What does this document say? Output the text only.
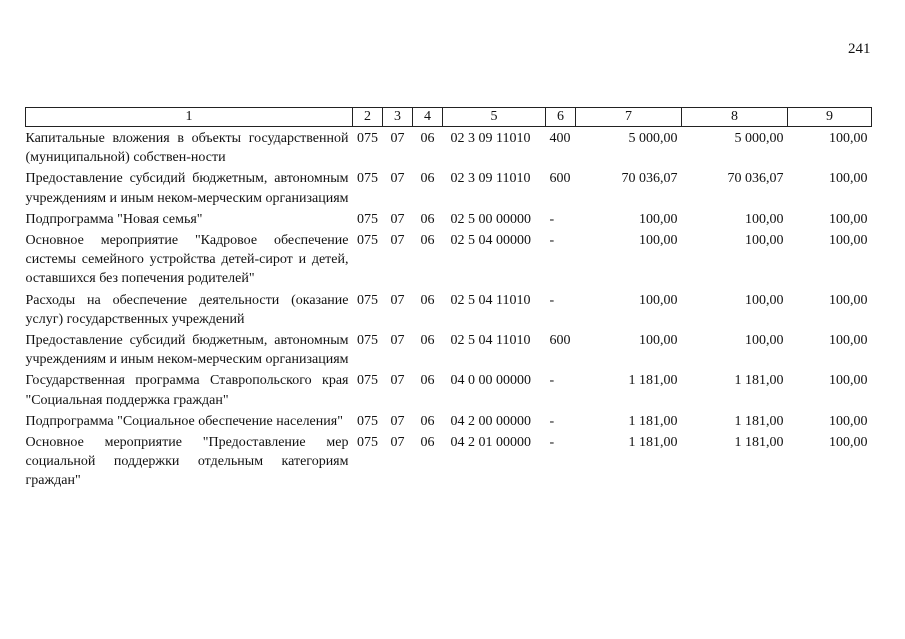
241
1	2	3	4	5	6	7	8	9
Капитальные вложения в объекты государственной (муниципальной) собствен-ности	075	07	06	02 3 09 11010	400	5 000,00	5 000,00	100,00
Предоставление субсидий бюджетным, автономным учреждениям и иным неком-мерческим организациям	075	07	06	02 3 09 11010	600	70 036,07	70 036,07	100,00
Подпрограмма "Новая семья"	075	07	06	02 5 00 00000	-	100,00	100,00	100,00
Основное мероприятие "Кадровое обеспечение системы семейного устройства детей-сирот и детей, оставшихся без попечения родителей"	075	07	06	02 5 04 00000	-	100,00	100,00	100,00
Расходы на обеспечение деятельности (оказание услуг) государственных учреждений	075	07	06	02 5 04 11010	-	100,00	100,00	100,00
Предоставление субсидий бюджетным, автономным учреждениям и иным неком-мерческим организациям	075	07	06	02 5 04 11010	600	100,00	100,00	100,00
Государственная программа Ставропольского края "Социальная поддержка граждан"	075	07	06	04 0 00 00000	-	1 181,00	1 181,00	100,00
Подпрограмма "Социальное обеспечение населения"	075	07	06	04 2 00 00000	-	1 181,00	1 181,00	100,00
Основное мероприятие "Предоставление мер социальной поддержки отдельным категориям граждан"	075	07	06	04 2 01 00000	-	1 181,00	1 181,00	100,00
